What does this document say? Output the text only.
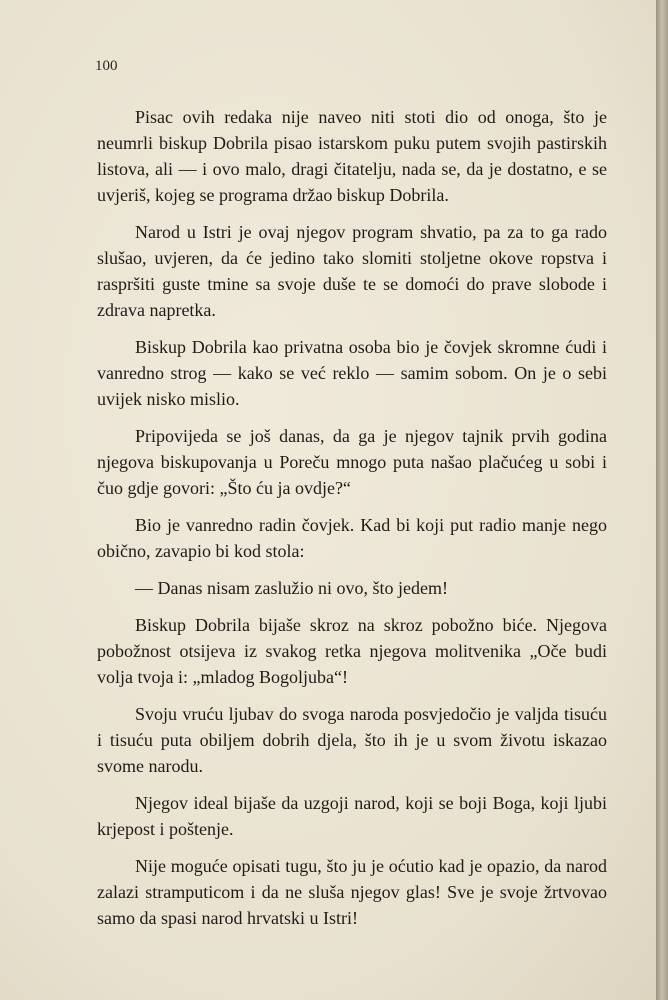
100

Pisac ovih redaka nije naveo niti stoti dio od onoga, što je neumrli biskup Dobrila pisao istarskom puku putem svojih pastirskih listova, ali — i ovo malo, dragi čitatelju, nada se, da je dostatno, e se uvjeriš, kojeg se programa držao biskup Dobrila.

Narod u Istri je ovaj njegov program shvatio, pa za to ga rado slušao, uvjeren, da će jedino tako slomiti stoljetne okove ropstva i raspršiti guste tmine sa svoje duše te se domoći do prave slobode i zdrava napretka.

Biskup Dobrila kao privatna osoba bio je čovjek skromne ćudi i vanredno strog — kako se već reklo — samim sobom. On je o sebi uvijek nisko mislio.

Pripovijeda se još danas, da ga je njegov tajnik prvih godina njegova biskupovanja u Poreču mnogo puta našao plačućeg u sobi i čuo gdje govori: „Što ću ja ovdje?“

Bio je vanredno radin čovjek. Kad bi koji put radio manje nego obično, zavapio bi kod stola:

— Danas nisam zaslužio ni ovo, što jedem!

Biskup Dobrila bijaše skroz na skroz pobožno biće. Njegova pobožnost otsijeva iz svakog retka njegova molitvenika „Oče budi volja tvoja i: „mladog Bogoljuba“!

Svoju vruću ljubav do svoga naroda posvjedočio je valjda tisuću i tisuću puta obiljem dobrih djela, što ih je u svom životu iskazao svome narodu.

Njegov ideal bijaše da uzgoji narod, koji se boji Boga, koji ljubi krjepost i poštenje.

Nije moguće opisati tugu, što ju je oćutio kad je opazio, da narod zalazi stramputicom i da ne sluša njegov glas! Sve je svoje žrtvovao samo da spasi narod hrvatski u Istri!
